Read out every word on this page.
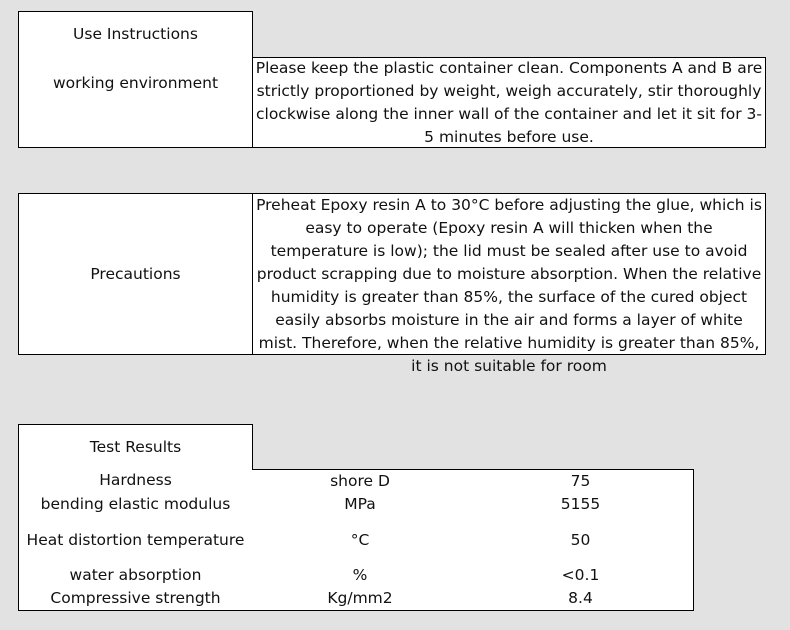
Use Instructions
working environment
Please keep the plastic container clean. Components A and B are strictly proportioned by weight, weigh accurately, stir thoroughly clockwise along the inner wall of the container and let it sit for 3-5 minutes before use.
Precautions
Preheat Epoxy resin A to 30°C before adjusting the glue, which is easy to operate (Epoxy resin A will thicken when the temperature is low); the lid must be sealed after use to avoid product scrapping due to moisture absorption. When the relative humidity is greater than 85%, the surface of the cured object easily absorbs moisture in the air and forms a layer of white mist. Therefore, when the relative humidity is greater than 85%, it is not suitable for room
Test Results
Hardness	shore D	75
bending elastic modulus	MPa	5155
Heat distortion temperature	°C	50
water absorption	%	<0.1
Compressive strength	Kg/mm2	8.4
